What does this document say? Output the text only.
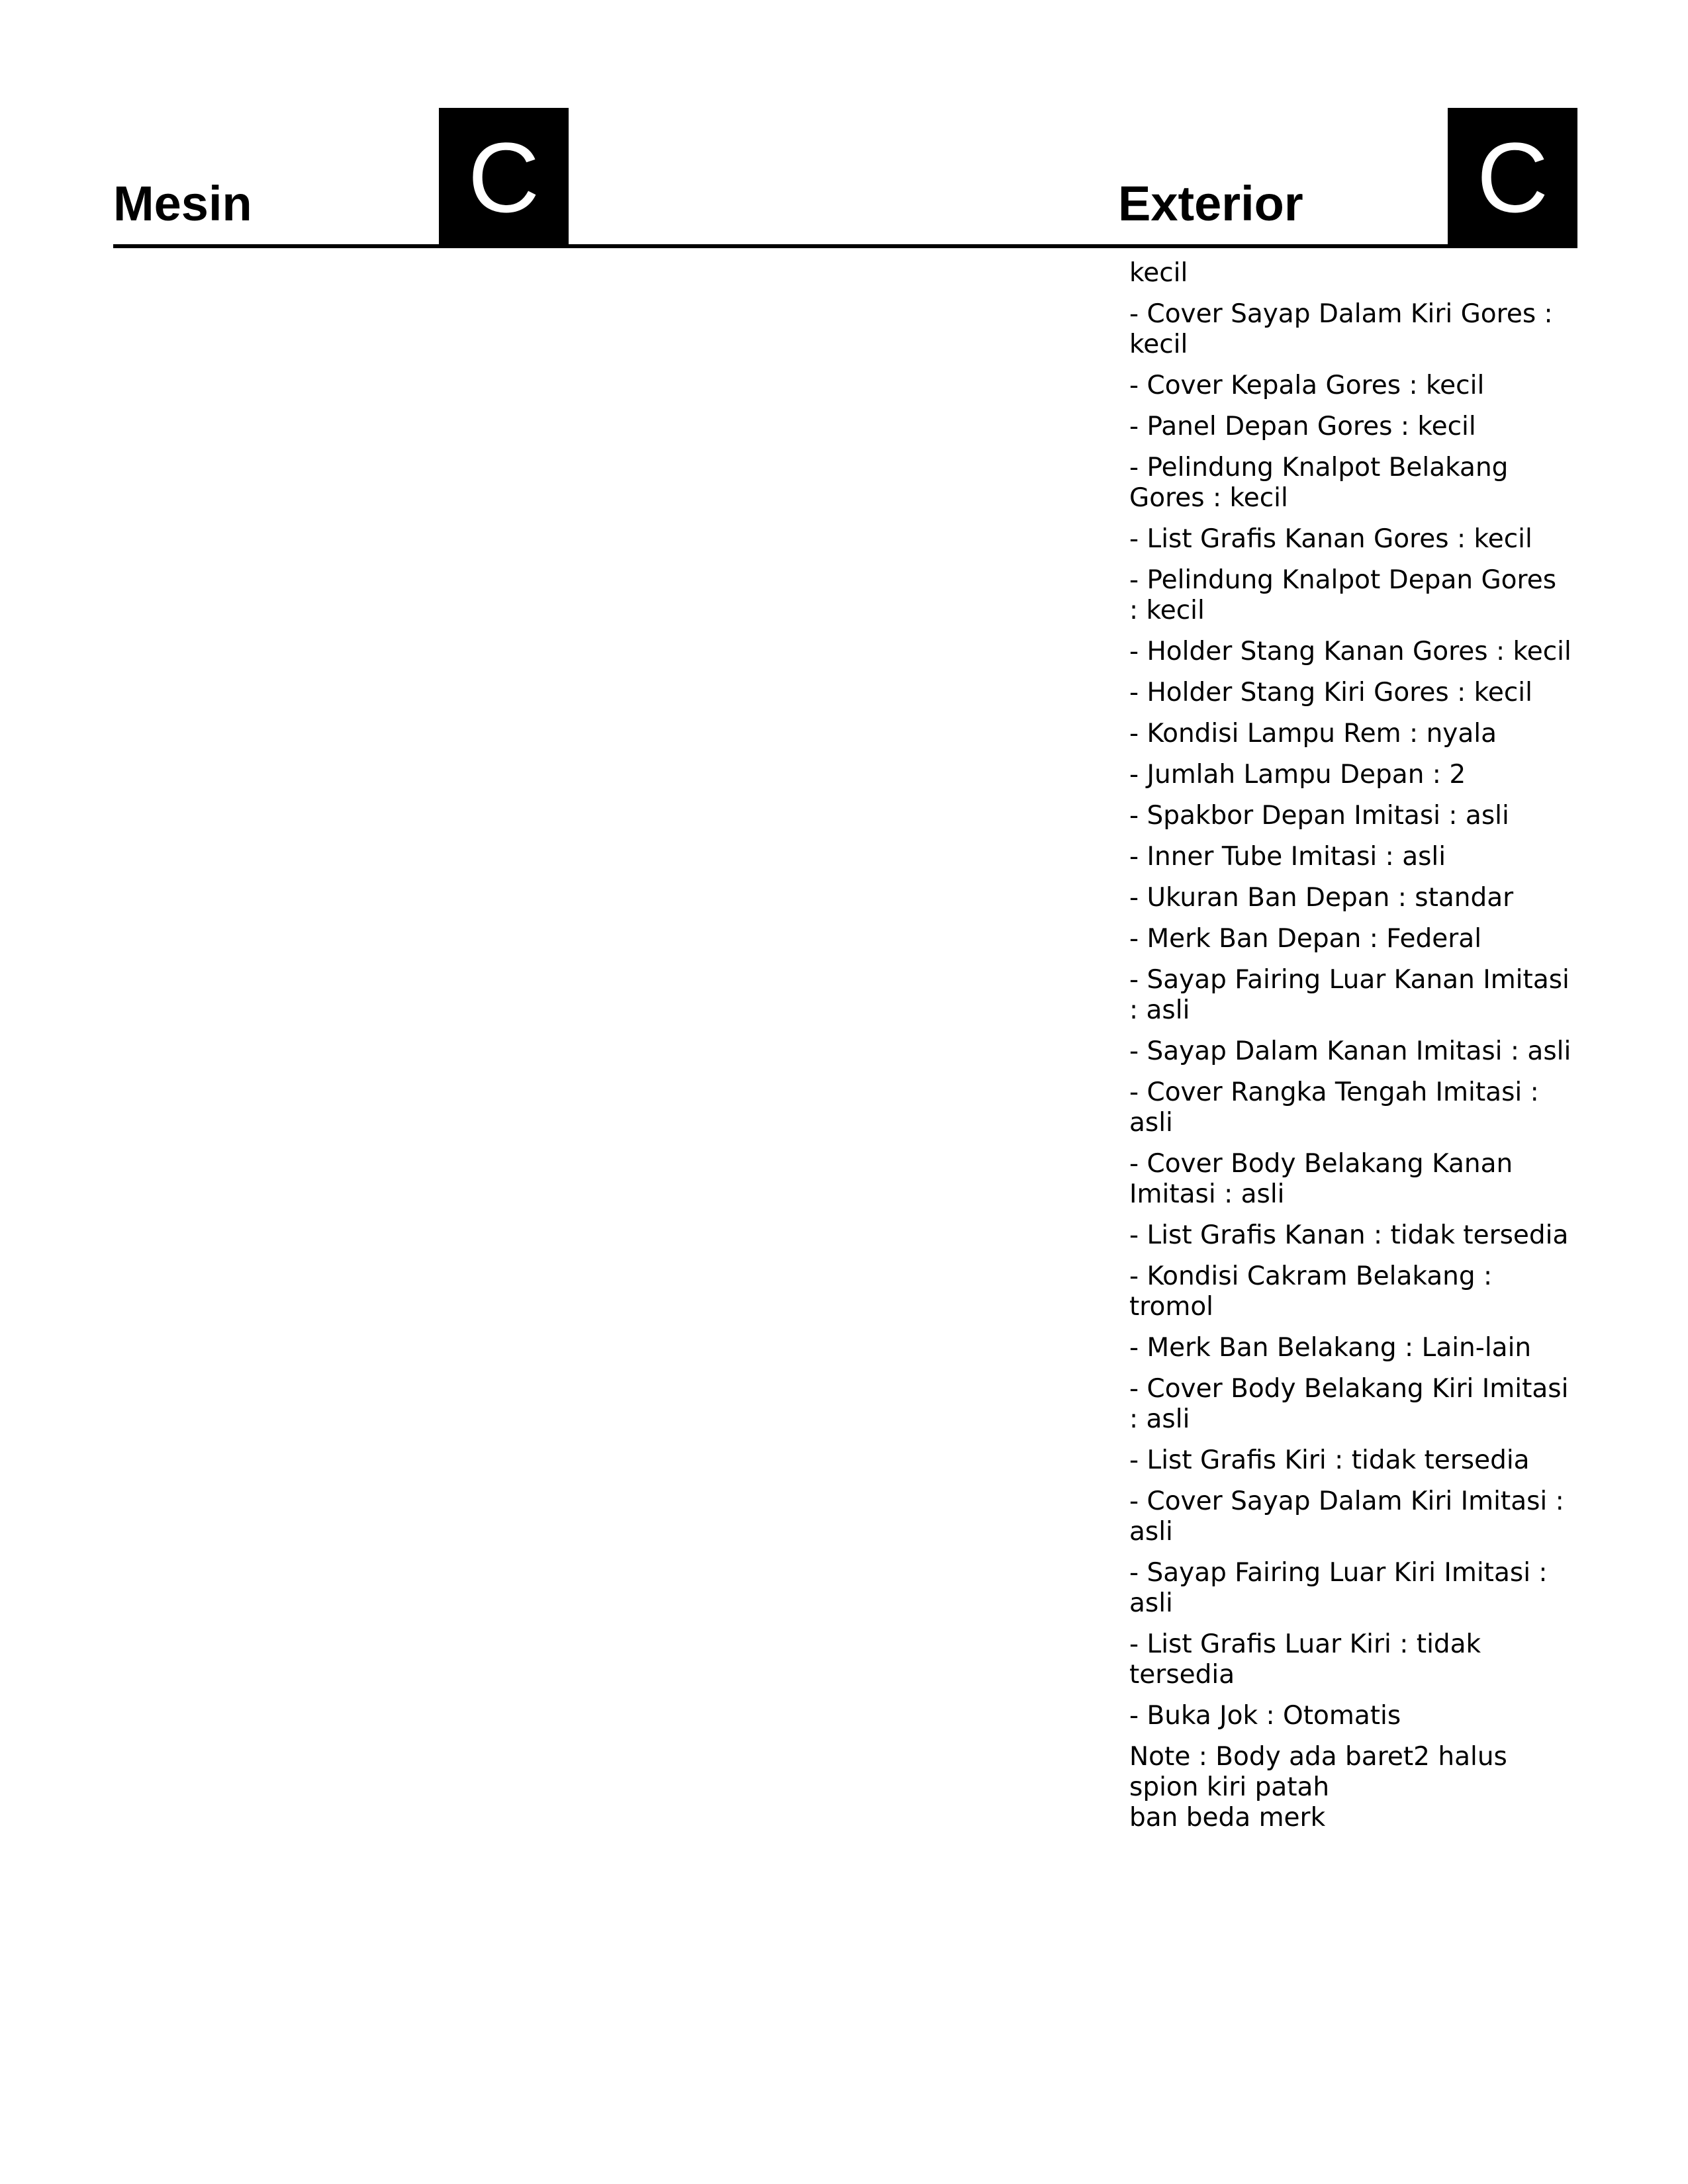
Mesin C	Exterior C
kecil
- Cover Sayap Dalam Kiri Gores : kecil
- Cover Kepala Gores : kecil
- Panel Depan Gores : kecil
- Pelindung Knalpot Belakang Gores : kecil
- List Grafis Kanan Gores : kecil
- Pelindung Knalpot Depan Gores : kecil
- Holder Stang Kanan Gores : kecil
- Holder Stang Kiri Gores : kecil
- Kondisi Lampu Rem : nyala
- Jumlah Lampu Depan : 2
- Spakbor Depan Imitasi : asli
- Inner Tube Imitasi : asli
- Ukuran Ban Depan : standar
- Merk Ban Depan : Federal
- Sayap Fairing Luar Kanan Imitasi : asli
- Sayap Dalam Kanan Imitasi : asli
- Cover Rangka Tengah Imitasi : asli
- Cover Body Belakang Kanan Imitasi : asli
- List Grafis Kanan : tidak tersedia
- Kondisi Cakram Belakang : tromol
- Merk Ban Belakang : Lain-lain
- Cover Body Belakang Kiri Imitasi : asli
- List Grafis Kiri : tidak tersedia
- Cover Sayap Dalam Kiri Imitasi : asli
- Sayap Fairing Luar Kiri Imitasi : asli
- List Grafis Luar Kiri : tidak tersedia
- Buka Jok : Otomatis
Note : Body ada baret2 halus
spion kiri patah
ban beda merk
